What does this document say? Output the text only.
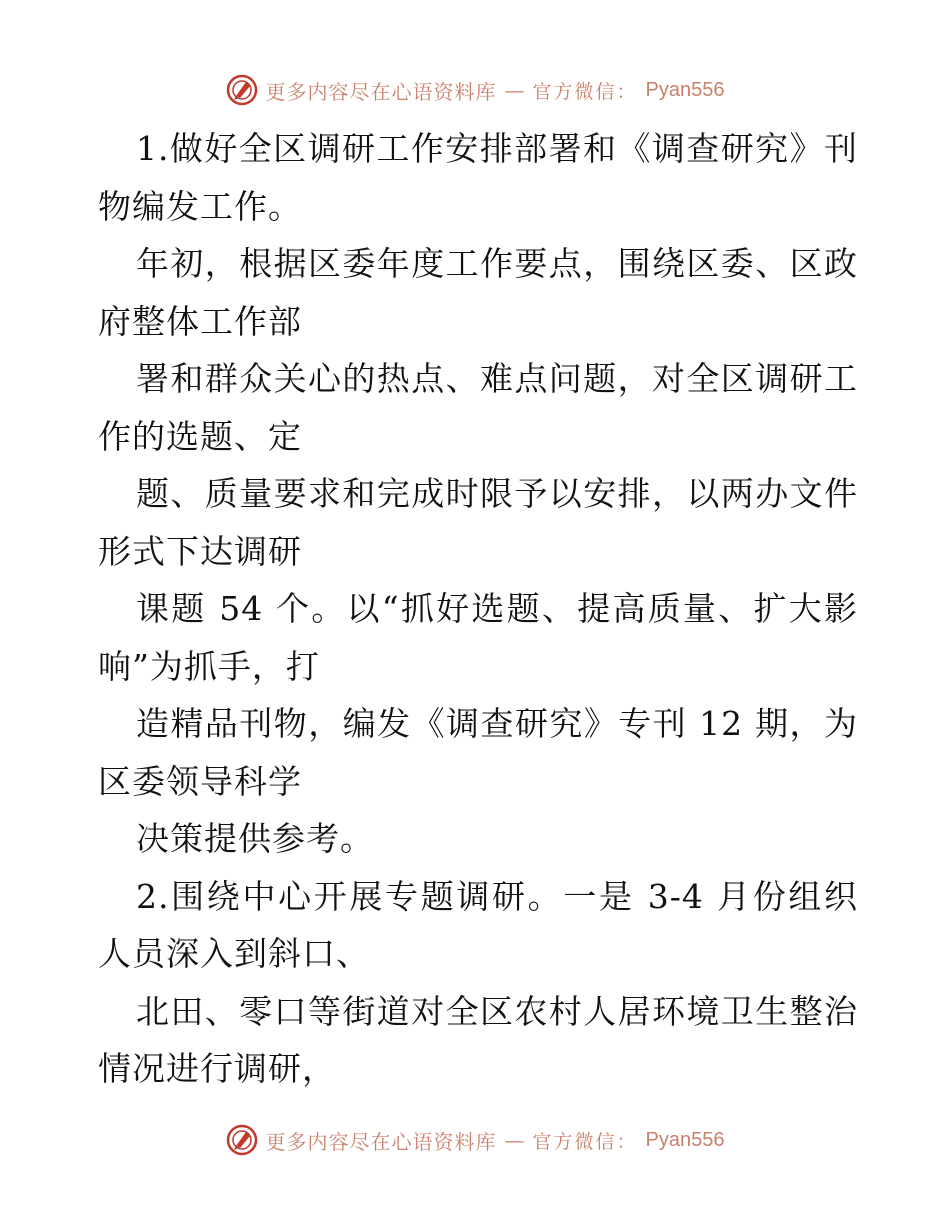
更多内容尽在心语资料库 — 官方微信： Pyan556

1.做好全区调研工作安排部署和《调查研究》刊物编发工作。

年初，根据区委年度工作要点，围绕区委、区政府整体工作部

署和群众关心的热点、难点问题，对全区调研工作的选题、定

题、质量要求和完成时限予以安排，以两办文件形式下达调研

课题 54 个。以“抓好选题、提高质量、扩大影响”为抓手，打

造精品刊物，编发《调查研究》专刊 12 期，为区委领导科学

决策提供参考。

2.围绕中心开展专题调研。一是 3-4 月份组织人员深入到斜口、

北田、零口等街道对全区农村人居环境卫生整治情况进行调研，

更多内容尽在心语资料库 — 官方微信： Pyan556
